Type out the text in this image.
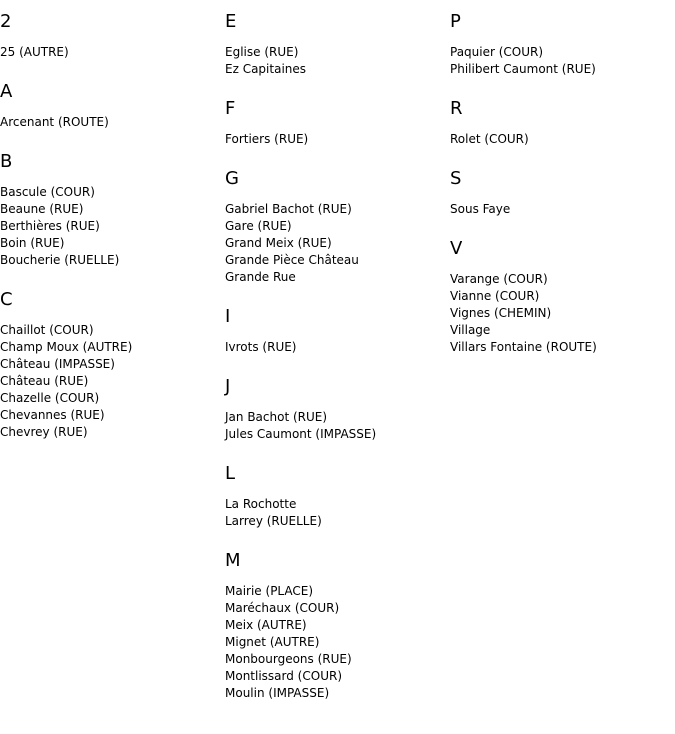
2
25 (AUTRE)
A
Arcenant (ROUTE)
B
Bascule (COUR)
Beaune (RUE)
Berthières (RUE)
Boin (RUE)
Boucherie (RUELLE)
C
Chaillot (COUR)
Champ Moux (AUTRE)
Château (IMPASSE)
Château (RUE)
Chazelle (COUR)
Chevannes (RUE)
Chevrey (RUE)
E
Eglise (RUE)
Ez Capitaines
F
Fortiers (RUE)
G
Gabriel Bachot (RUE)
Gare (RUE)
Grand Meix (RUE)
Grande Pièce Château
Grande Rue
I
Ivrots (RUE)
J
Jan Bachot (RUE)
Jules Caumont (IMPASSE)
L
La Rochotte
Larrey (RUELLE)
M
Mairie (PLACE)
Maréchaux (COUR)
Meix (AUTRE)
Mignet (AUTRE)
Monbourgeons (RUE)
Montlissard (COUR)
Moulin (IMPASSE)
P
Paquier (COUR)
Philibert Caumont (RUE)
R
Rolet (COUR)
S
Sous Faye
V
Varange (COUR)
Vianne (COUR)
Vignes (CHEMIN)
Village
Villars Fontaine (ROUTE)
